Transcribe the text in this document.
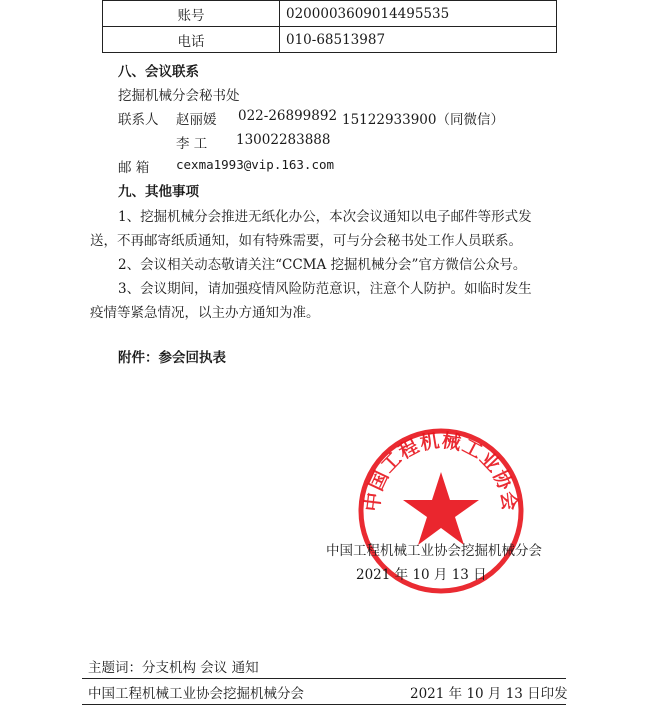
账号	0200003609014495535
电话	010-68513987
八、会议联系
挖掘机械分会秘书处
联系人 赵丽媛 022-26899892 15122933900（同微信）
李 工 13002283888
邮 箱 cexma1993@vip.163.com
九、其他事项
1、挖掘机械分会推进无纸化办公，本次会议通知以电子邮件等形式发
送，不再邮寄纸质通知，如有特殊需要，可与分会秘书处工作人员联系。
2、会议相关动态敬请关注“CCMA 挖掘机械分会”官方微信公众号。
3、会议期间，请加强疫情风险防范意识，注意个人防护。如临时发生
疫情等紧急情况，以主办方通知为准。
附件：参会回执表
中国工程机械工业协会
中国工程机械工业协会挖掘机械分会
2021 年 10 月 13 日
主题词：分支机构 会议 通知
中国工程机械工业协会挖掘机械分会	2021 年 10 月 13 日印发
